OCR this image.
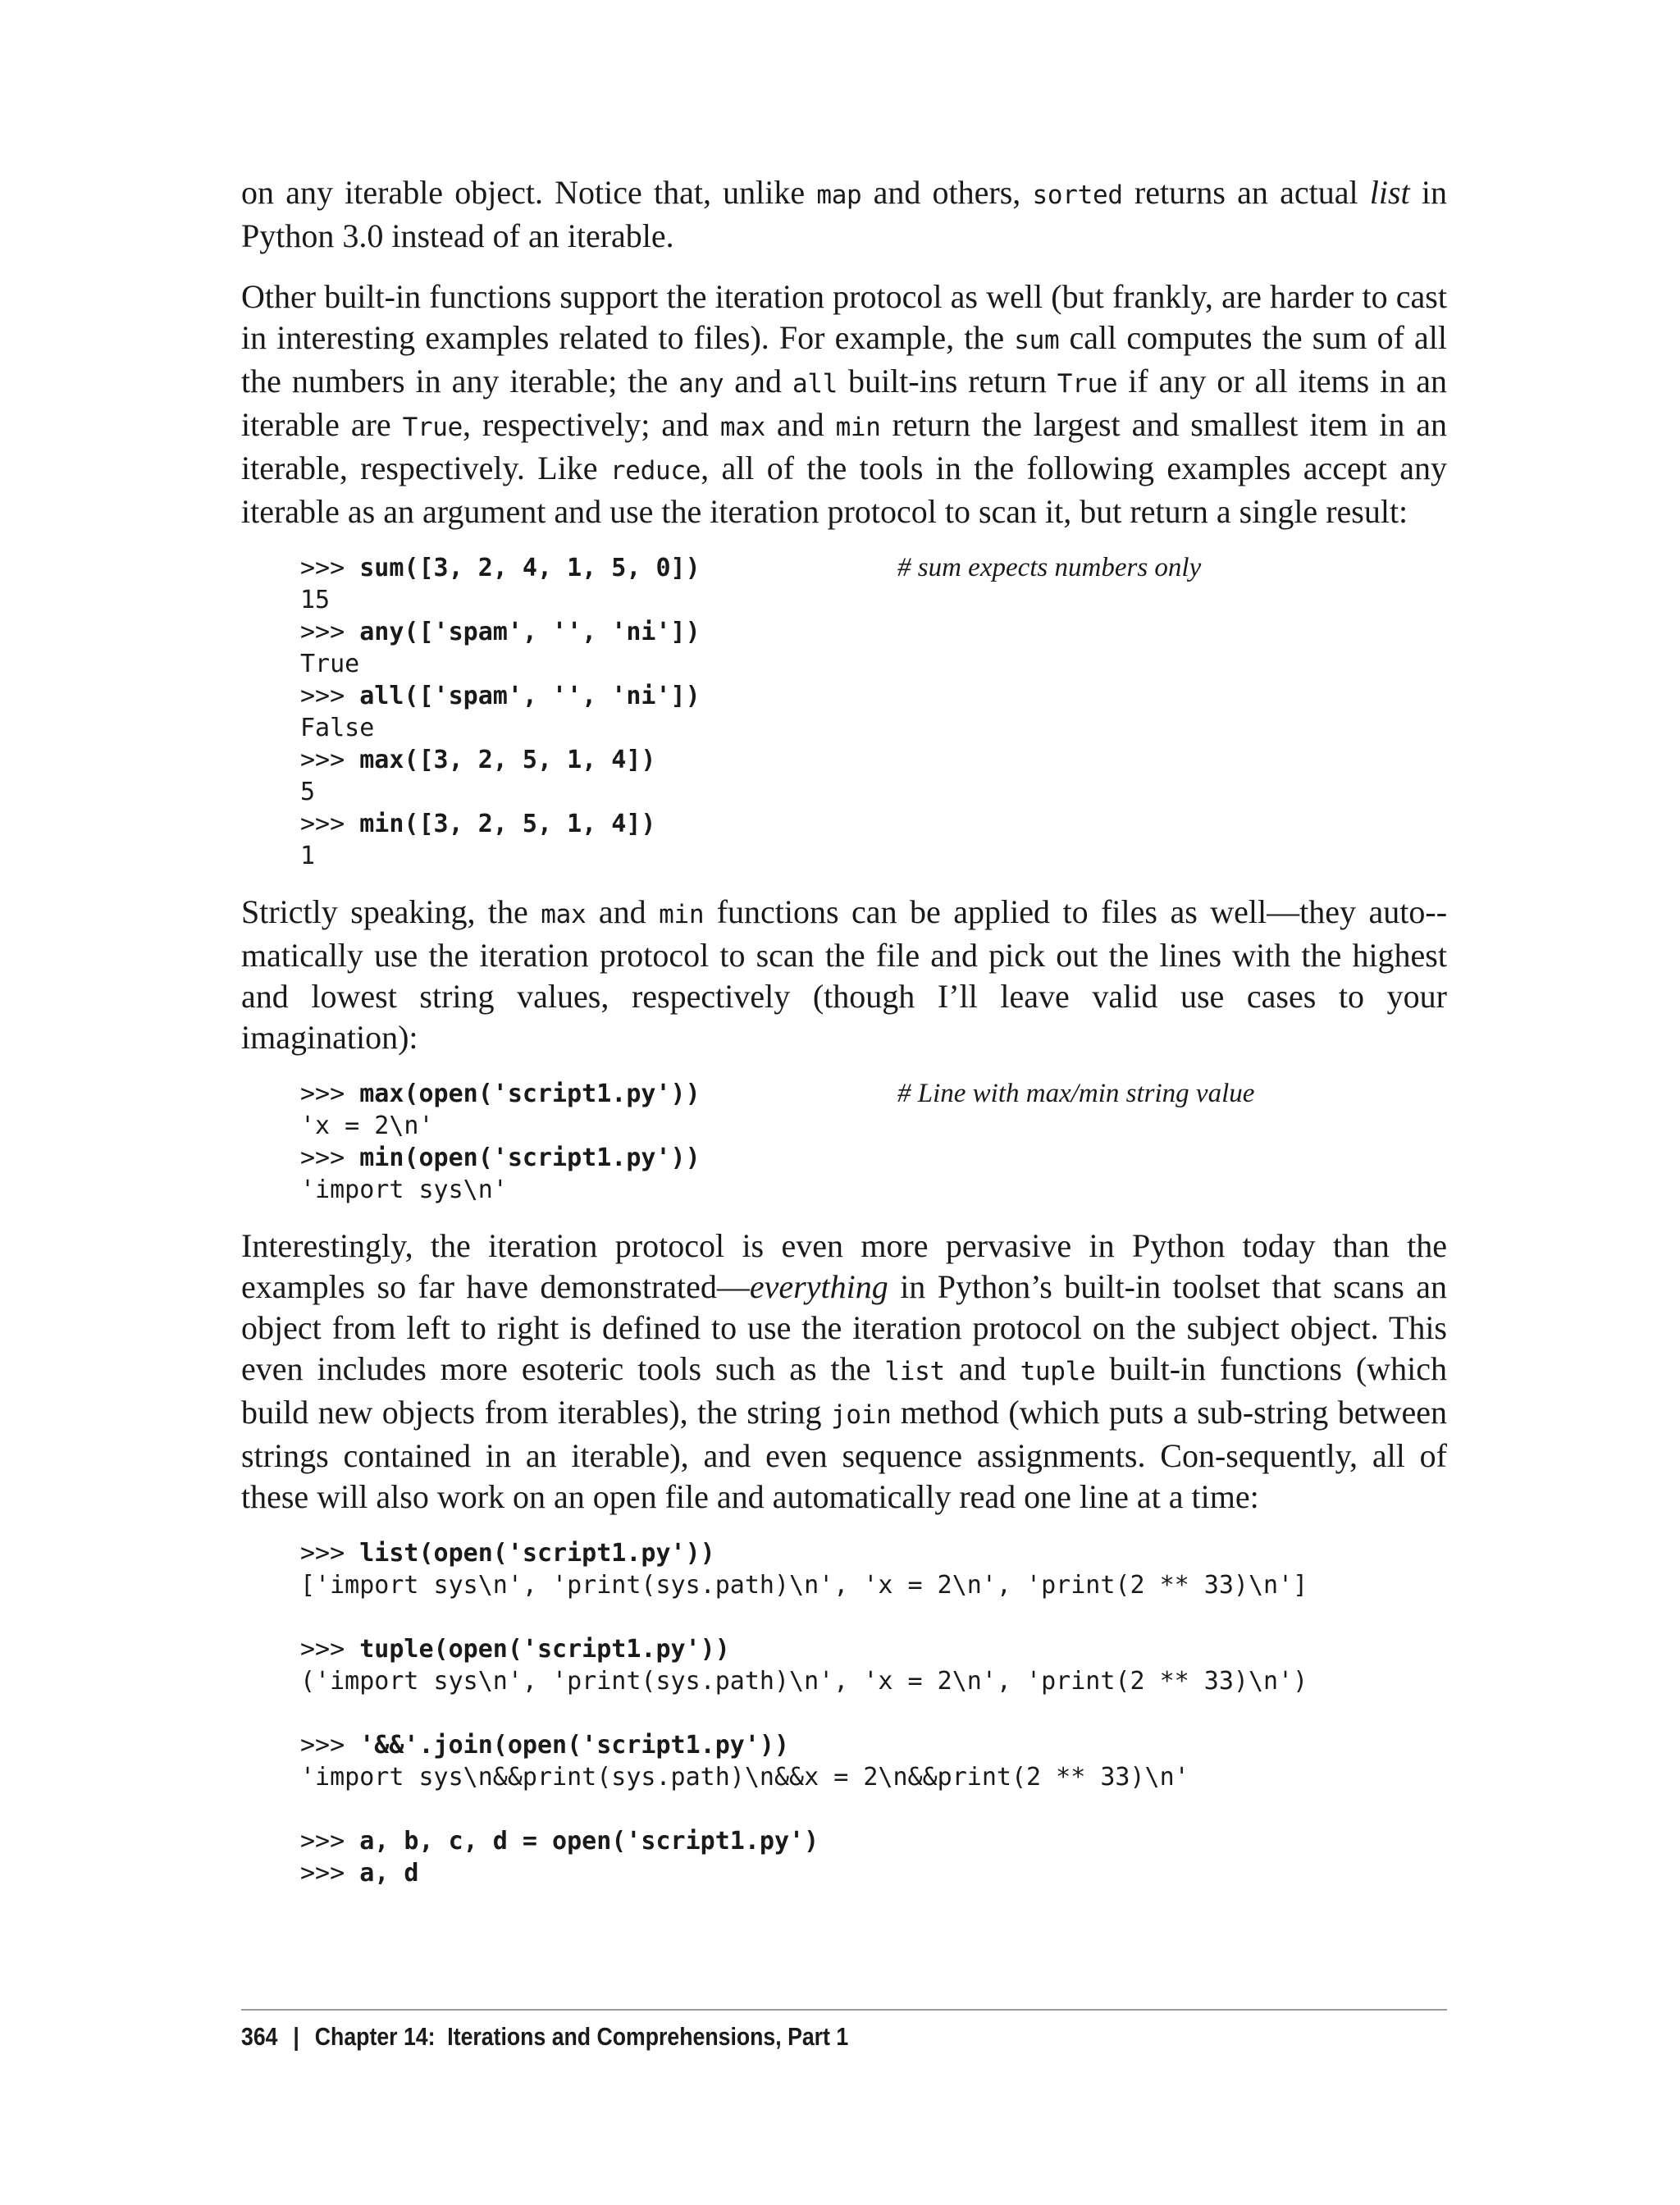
on any iterable object. Notice that, unlike map and others, sorted returns an actual list in Python 3.0 instead of an iterable.

Other built-in functions support the iteration protocol as well (but frankly, are harder to cast in interesting examples related to files). For example, the sum call computes the sum of all the numbers in any iterable; the any and all built-ins return True if any or all items in an iterable are True, respectively; and max and min return the largest and smallest item in an iterable, respectively. Like reduce, all of the tools in the following examples accept any iterable as an argument and use the iteration protocol to scan it, but return a single result:

>>> sum([3, 2, 4, 1, 5, 0])	# sum expects numbers only
15
>>> any(['spam', '', 'ni'])
True
>>> all(['spam', '', 'ni'])
False
>>> max([3, 2, 5, 1, 4])
5
>>> min([3, 2, 5, 1, 4])
1

Strictly speaking, the max and min functions can be applied to files as well—they auto-matically use the iteration protocol to scan the file and pick out the lines with the highest and lowest string values, respectively (though I’ll leave valid use cases to your imagination):

>>> max(open('script1.py'))	# Line with max/min string value
'x = 2\n'
>>> min(open('script1.py'))
'import sys\n'

Interestingly, the iteration protocol is even more pervasive in Python today than the examples so far have demonstrated—everything in Python’s built-in toolset that scans an object from left to right is defined to use the iteration protocol on the subject object. This even includes more esoteric tools such as the list and tuple built-in functions (which build new objects from iterables), the string join method (which puts a sub-string between strings contained in an iterable), and even sequence assignments. Con-sequently, all of these will also work on an open file and automatically read one line at a time:

>>> list(open('script1.py'))
['import sys\n', 'print(sys.path)\n', 'x = 2\n', 'print(2 ** 33)\n']
>>> tuple(open('script1.py'))
('import sys\n', 'print(sys.path)\n', 'x = 2\n', 'print(2 ** 33)\n')
>>> '&&'.join(open('script1.py'))
'import sys\n&&print(sys.path)\n&&x = 2\n&&print(2 ** 33)\n'
>>> a, b, c, d = open('script1.py')
>>> a, d
364 | Chapter 14:  Iterations and Comprehensions, Part 1
